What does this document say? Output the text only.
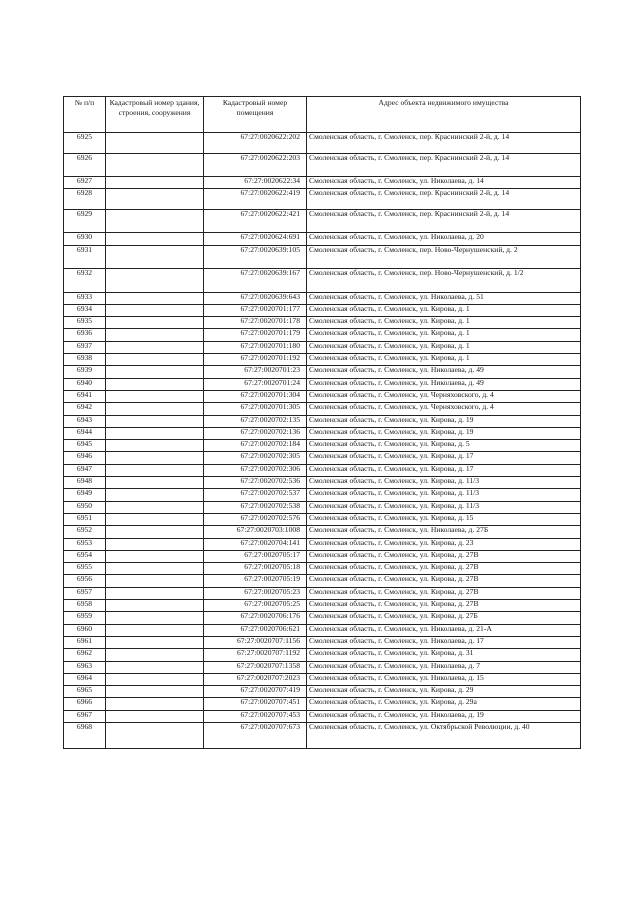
№ п/п	Кадастровый номер здания, строения, сооружения	Кадастровый номер помещения	Адрес объекта недвижимого имущества
6925		67:27:0020622:202	Смоленская область, г. Смоленск, пер. Краснинский 2-й, д. 14
6926		67:27:0020622:203	Смоленская область, г. Смоленск, пер. Краснинский 2-й, д. 14
6927		67:27:0020622:34	Смоленская область, г. Смоленск, ул. Николаева, д. 14
6928		67:27:0020622:419	Смоленская область, г. Смоленск, пер. Краснинский 2-й, д. 14
6929		67:27:0020622:421	Смоленская область, г. Смоленск, пер. Краснинский 2-й, д. 14
6930		67:27:0020624:691	Смоленская область, г. Смоленск, ул. Николаева, д. 20
6931		67:27:0020639:105	Смоленская область, г. Смоленск, пер. Ново-Чернушенский, д. 2
6932		67:27:0020639:167	Смоленская область, г. Смоленск, пер. Ново-Чернушенский, д. 1/2
6933		67:27:0020639:643	Смоленская область, г. Смоленск, ул. Николаева, д. 51
6934		67:27:0020701:177	Смоленская область, г. Смоленск, ул. Кирова, д. 1
6935		67:27:0020701:178	Смоленская область, г. Смоленск, ул. Кирова, д. 1
6936		67:27:0020701:179	Смоленская область, г. Смоленск, ул. Кирова, д. 1
6937		67:27:0020701:180	Смоленская область, г. Смоленск, ул. Кирова, д. 1
6938		67:27:0020701:192	Смоленская область, г. Смоленск, ул. Кирова, д. 1
6939		67:27:0020701:23	Смоленская область, г. Смоленск, ул. Николаева, д. 49
6940		67:27:0020701:24	Смоленская область, г. Смоленск, ул. Николаева, д. 49
6941		67:27:0020701:304	Смоленская область, г. Смоленск, ул. Черняховского, д. 4
6942		67:27:0020701:305	Смоленская область, г. Смоленск, ул. Черняховского, д. 4
6943		67:27:0020702:135	Смоленская область, г. Смоленск, ул. Кирова, д. 19
6944		67:27:0020702:136	Смоленская область, г. Смоленск, ул. Кирова, д. 19
6945		67:27:0020702:184	Смоленская область, г. Смоленск, ул. Кирова, д. 5
6946		67:27:0020702:305	Смоленская область, г. Смоленск, ул. Кирова, д. 17
6947		67:27:0020702:306	Смоленская область, г. Смоленск, ул. Кирова, д. 17
6948		67:27:0020702:536	Смоленская область, г. Смоленск, ул. Кирова, д. 11/3
6949		67:27:0020702:537	Смоленская область, г. Смоленск, ул. Кирова, д. 11/3
6950		67:27:0020702:538	Смоленская область, г. Смоленск, ул. Кирова, д. 11/3
6951		67:27:0020702:576	Смоленская область, г. Смоленск, ул. Кирова, д. 15
6952		67:27:0020703:1008	Смоленская область, г. Смоленск, ул. Николаева, д. 27Б
6953		67:27:0020704:141	Смоленская область, г. Смоленск, ул. Кирова, д. 23
6954		67:27:0020705:17	Смоленская область, г. Смоленск, ул. Кирова, д. 27В
6955		67:27:0020705:18	Смоленская область, г. Смоленск, ул. Кирова, д. 27В
6956		67:27:0020705:19	Смоленская область, г. Смоленск, ул. Кирова, д. 27В
6957		67:27:0020705:23	Смоленская область, г. Смоленск, ул. Кирова, д. 27В
6958		67:27:0020705:25	Смоленская область, г. Смоленск, ул. Кирова, д. 27В
6959		67:27:0020706:176	Смоленская область, г. Смоленск, ул. Кирова, д. 27Б
6960		67:27:0020706:621	Смоленская область, г. Смоленск, ул. Николаева, д. 21-А
6961		67:27:0020707:1156	Смоленская область, г. Смоленск, ул. Николаева, д. 17
6962		67:27:0020707:1192	Смоленская область, г. Смоленск, ул. Кирова, д. 31
6963		67:27:0020707:1358	Смоленская область, г. Смоленск, ул. Николаева, д. 7
6964		67:27:0020707:2023	Смоленская область, г. Смоленск, ул. Николаева, д. 15
6965		67:27:0020707:419	Смоленская область, г. Смоленск, ул. Кирова, д. 29
6966		67:27:0020707:451	Смоленская область, г. Смоленск, ул. Кирова, д. 29а
6967		67:27:0020707:453	Смоленская область, г. Смоленск, ул. Николаева, д. 19
6968		67:27:0020707:673	Смоленская область, г. Смоленск, ул. Октябрьской Революции, д. 40
